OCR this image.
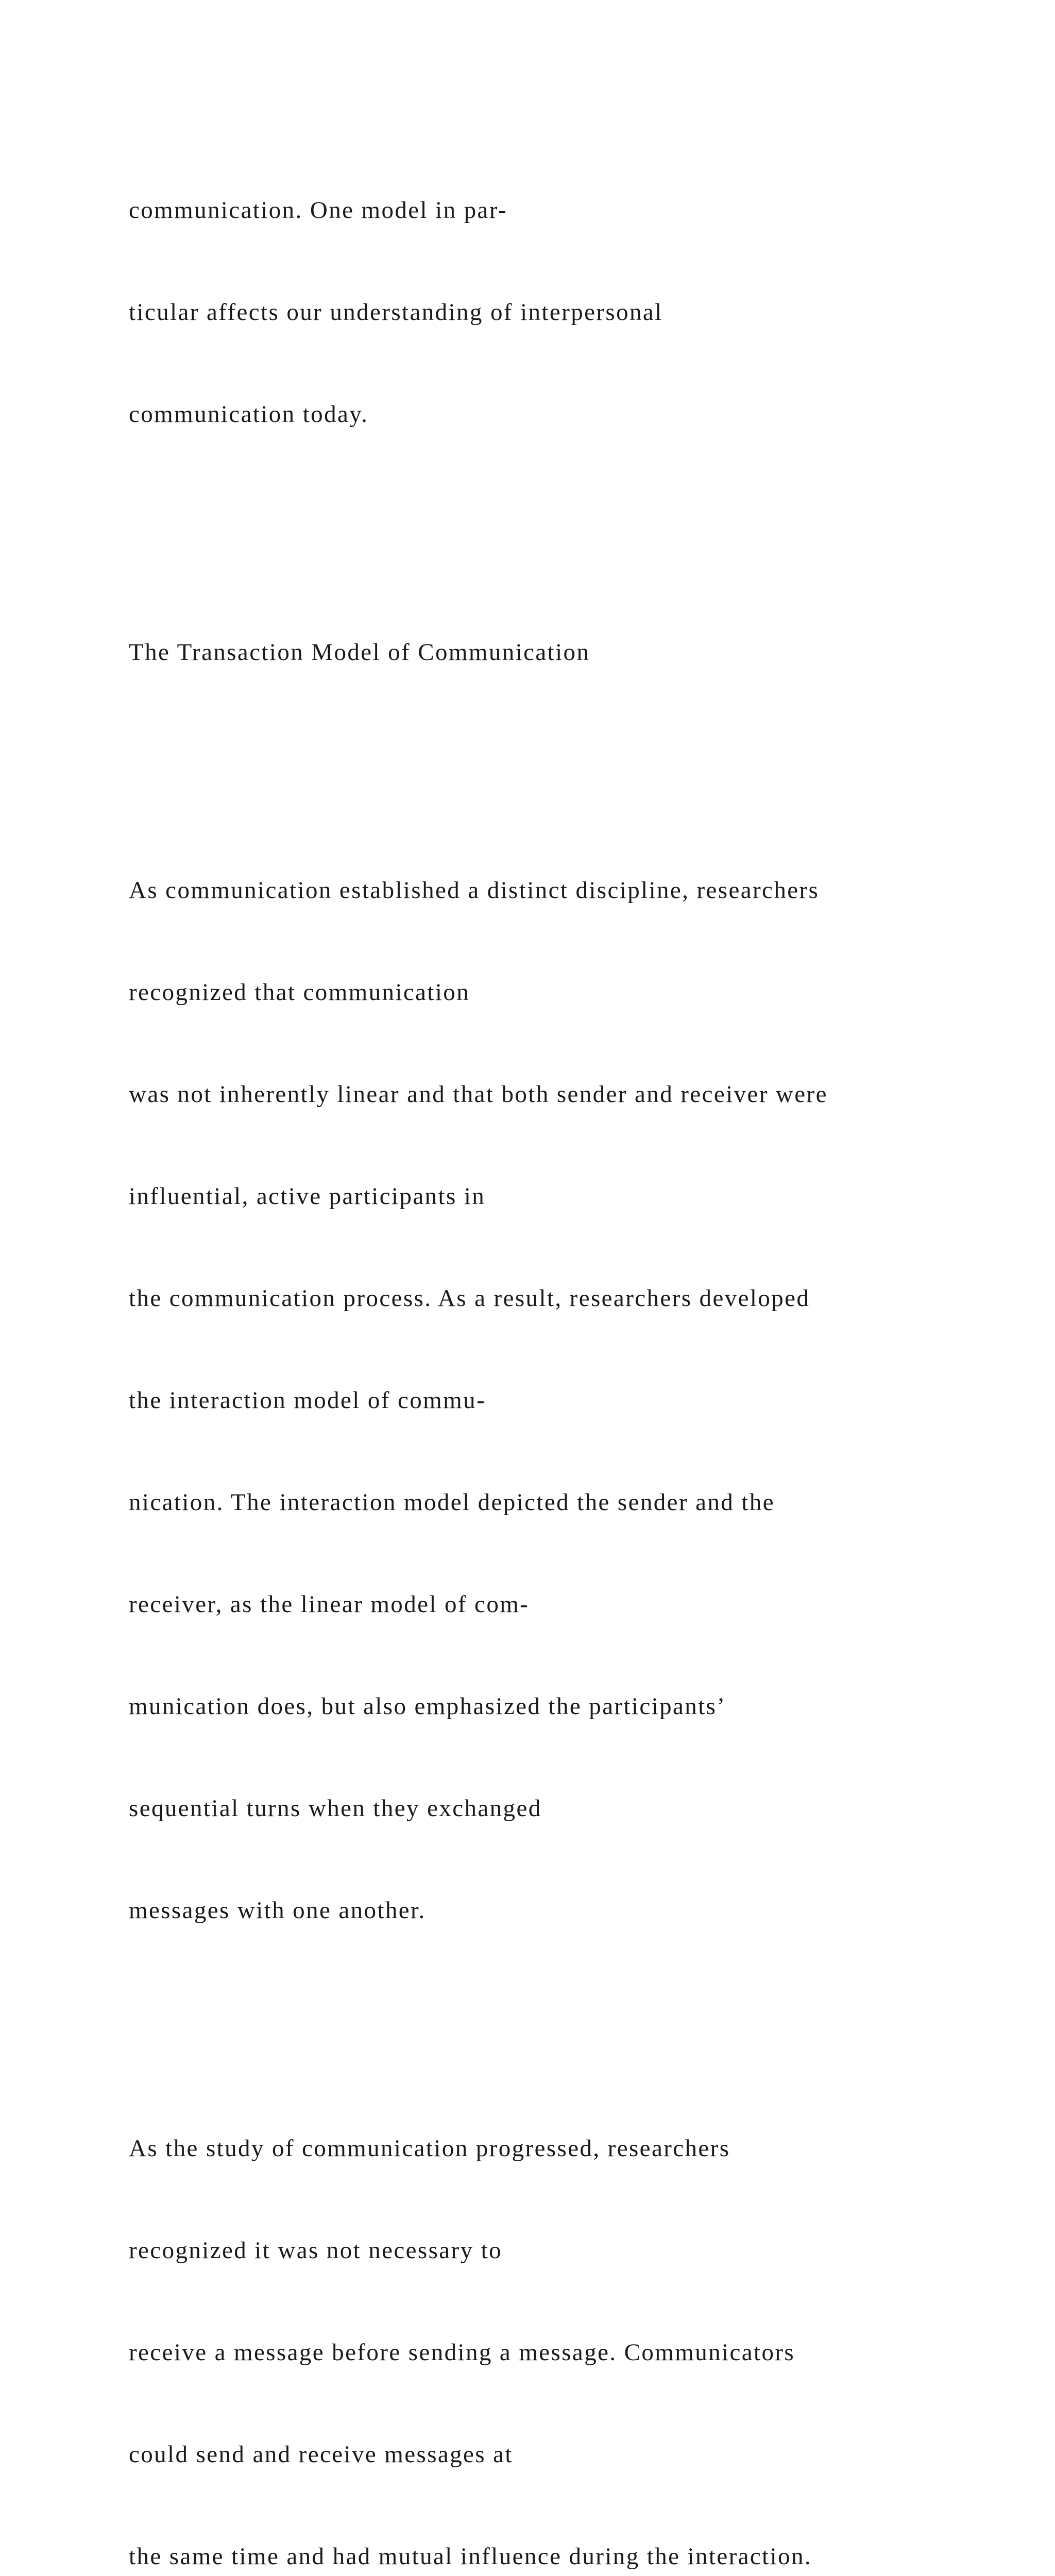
communication. One model in par-

ticular affects our understanding of interpersonal

communication today.

The Transaction Model of Communication

As communication established a distinct discipline, researchers

recognized that communication

was not inherently linear and that both sender and receiver were

influential, active participants in

the communication process. As a result, researchers developed

the interaction model of commu-

nication. The interaction model depicted the sender and the

receiver, as the linear model of com-

munication does, but also emphasized the participants’

sequential turns when they exchanged

messages with one another.

As the study of communication progressed, researchers

recognized it was not necessary to

receive a message before sending a message. Communicators

could send and receive messages at

the same time and had mutual influence during the interaction.
